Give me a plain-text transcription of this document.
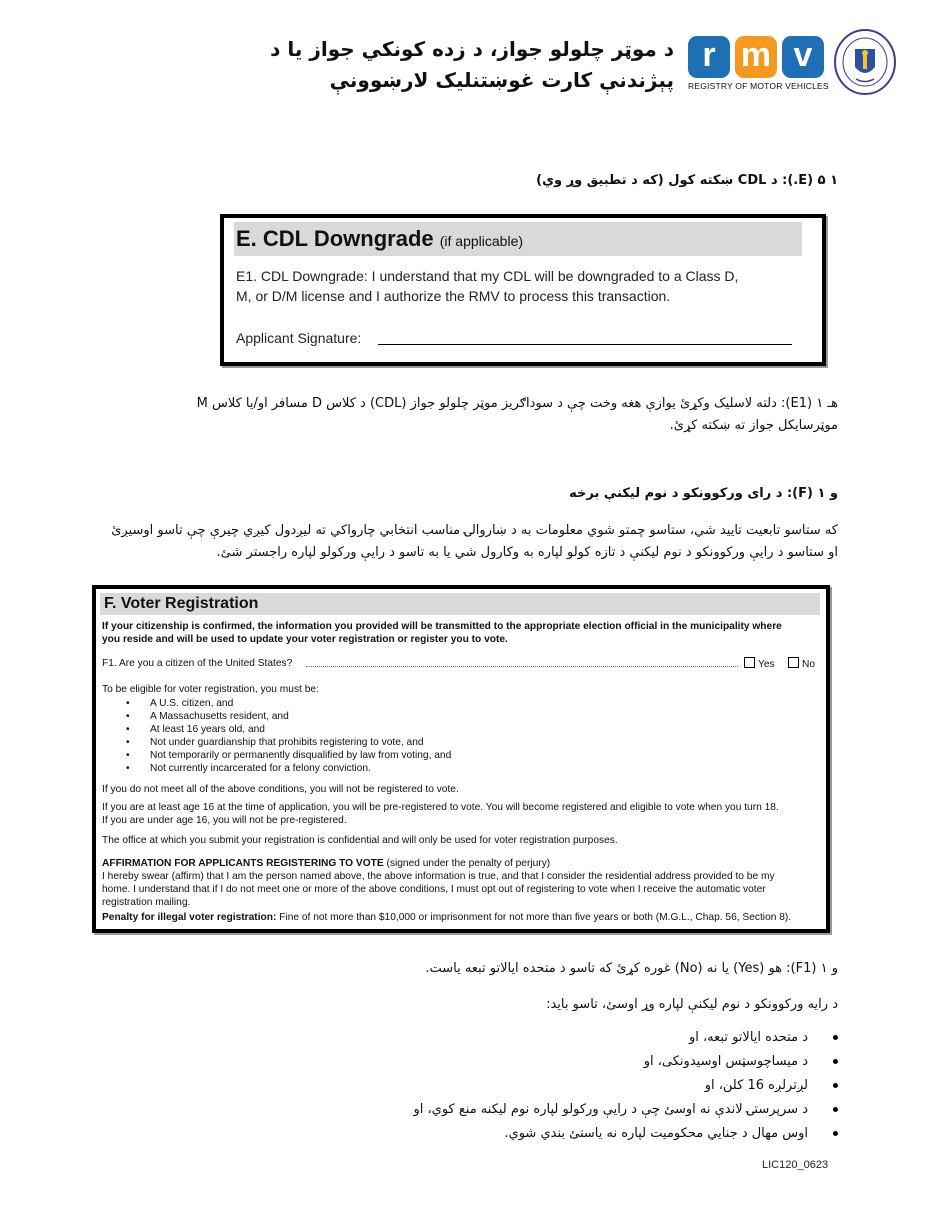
د موټر چلولو جواز، د زده کونکي جواز یا د
پېژندنې کارت غوښتنلیک لارښوونې
r m v
REGISTRY OF MOTOR VEHICLES
۱ ۵ (E.): د CDL ښکته کول (که د تطبیق وړ وي)
E. CDL Downgrade (if applicable)
E1. CDL Downgrade: I understand that my CDL will be downgraded to a Class D,
M, or D/M license and I authorize the RMV to process this transaction.
Applicant Signature:
هـ ۱ (E1): دلته لاسلیک وکړئ یوازې هغه وخت چې د سوداګریز موټر چلولو جواز (CDL) د کلاس D مسافر او/یا کلاس M
موټرسایکل جواز ته ښکته کړئ.
و ۱ (F): د رای ورکوونکو د نوم لیکنې برخه
که ستاسو تابعیت تایید شي، ستاسو چمتو شوي معلومات به د ښاروالۍ مناسب انتخابي چارواکي ته لیږدول کیږي چیرې چې تاسو اوسیږئ
او ستاسو د رایې ورکوونکو د نوم لیکنې د تازه کولو لپاره به وکارول شي یا به تاسو د رایې ورکولو لپاره راجستر شئ.
F. Voter Registration
If your citizenship is confirmed, the information you provided will be transmitted to the appropriate election official in the municipality where
you reside and will be used to update your voter registration or register you to vote.
F1. Are you a citizen of the United States?	Yes	No
To be eligible for voter registration, you must be:
• A U.S. citizen, and
• A Massachusetts resident, and
• At least 16 years old, and
• Not under guardianship that prohibits registering to vote, and
• Not temporarily or permanently disqualified by law from voting, and
• Not currently incarcerated for a felony conviction.
If you do not meet all of the above conditions, you will not be registered to vote.
If you are at least age 16 at the time of application, you will be pre-registered to vote. You will become registered and eligible to vote when you turn 18.
If you are under age 16, you will not be pre-registered.
The office at which you submit your registration is confidential and will only be used for voter registration purposes.
AFFIRMATION FOR APPLICANTS REGISTERING TO VOTE (signed under the penalty of perjury)
I hereby swear (affirm) that I am the person named above, the above information is true, and that I consider the residential address provided to be my
home. I understand that if I do not meet one or more of the above conditions, I must opt out of registering to vote when I receive the automatic voter
registration mailing.
Penalty for illegal voter registration: Fine of not more than $10,000 or imprisonment for not more than five years or both (M.G.L., Chap. 56, Section 8).
و ۱ (F1): هو (Yes) یا نه (No) غوره کړئ که تاسو د متحده ایالاتو تبعه یاست.
د رایه ورکوونکو د نوم لیکنې لپاره وړ اوسئ، تاسو باید:
د متحده ایالاتو تبعه، او
د میساچوسټس اوسیدونکی، او
لږترلږه 16 کلن، او
د سرپرستۍ لاندې نه اوسئ چې د رایې ورکولو لپاره نوم لیکنه منع کوي، او
اوس مهال د جنایي محکومیت لپاره نه یاستئ بندي شوي.
LIC120_0623
